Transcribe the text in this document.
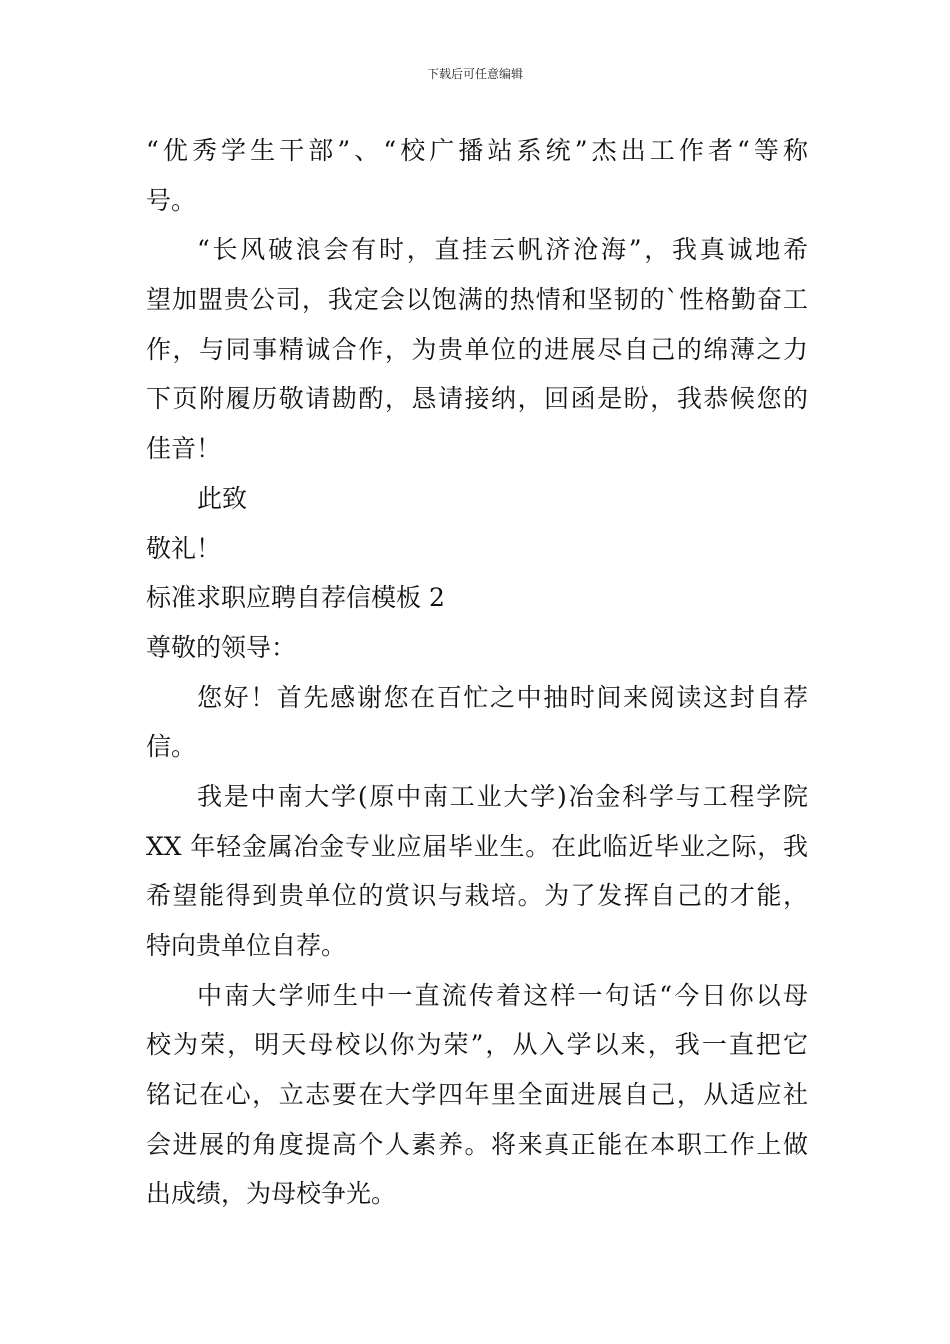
下载后可任意编辑
“优秀学生干部”、“校广播站系统”杰出工作者“等称
号。
“长风破浪会有时，直挂云帆济沧海”，我真诚地希
望加盟贵公司，我定会以饱满的热情和坚韧的`性格勤奋工
作，与同事精诚合作，为贵单位的进展尽自己的绵薄之力
下页附履历敬请勘酌，恳请接纳，回函是盼，我恭候您的
佳音！
此致
敬礼！
标准求职应聘自荐信模板 2
尊敬的领导：
您好！首先感谢您在百忙之中抽时间来阅读这封自荐
信。
我是中南大学(原中南工业大学)冶金科学与工程学院
XX 年轻金属冶金专业应届毕业生。在此临近毕业之际，我
希望能得到贵单位的赏识与栽培。为了发挥自己的才能，
特向贵单位自荐。
中南大学师生中一直流传着这样一句话“今日你以母
校为荣，明天母校以你为荣”，从入学以来，我一直把它
铭记在心，立志要在大学四年里全面进展自己，从适应社
会进展的角度提高个人素养。将来真正能在本职工作上做
出成绩，为母校争光。
